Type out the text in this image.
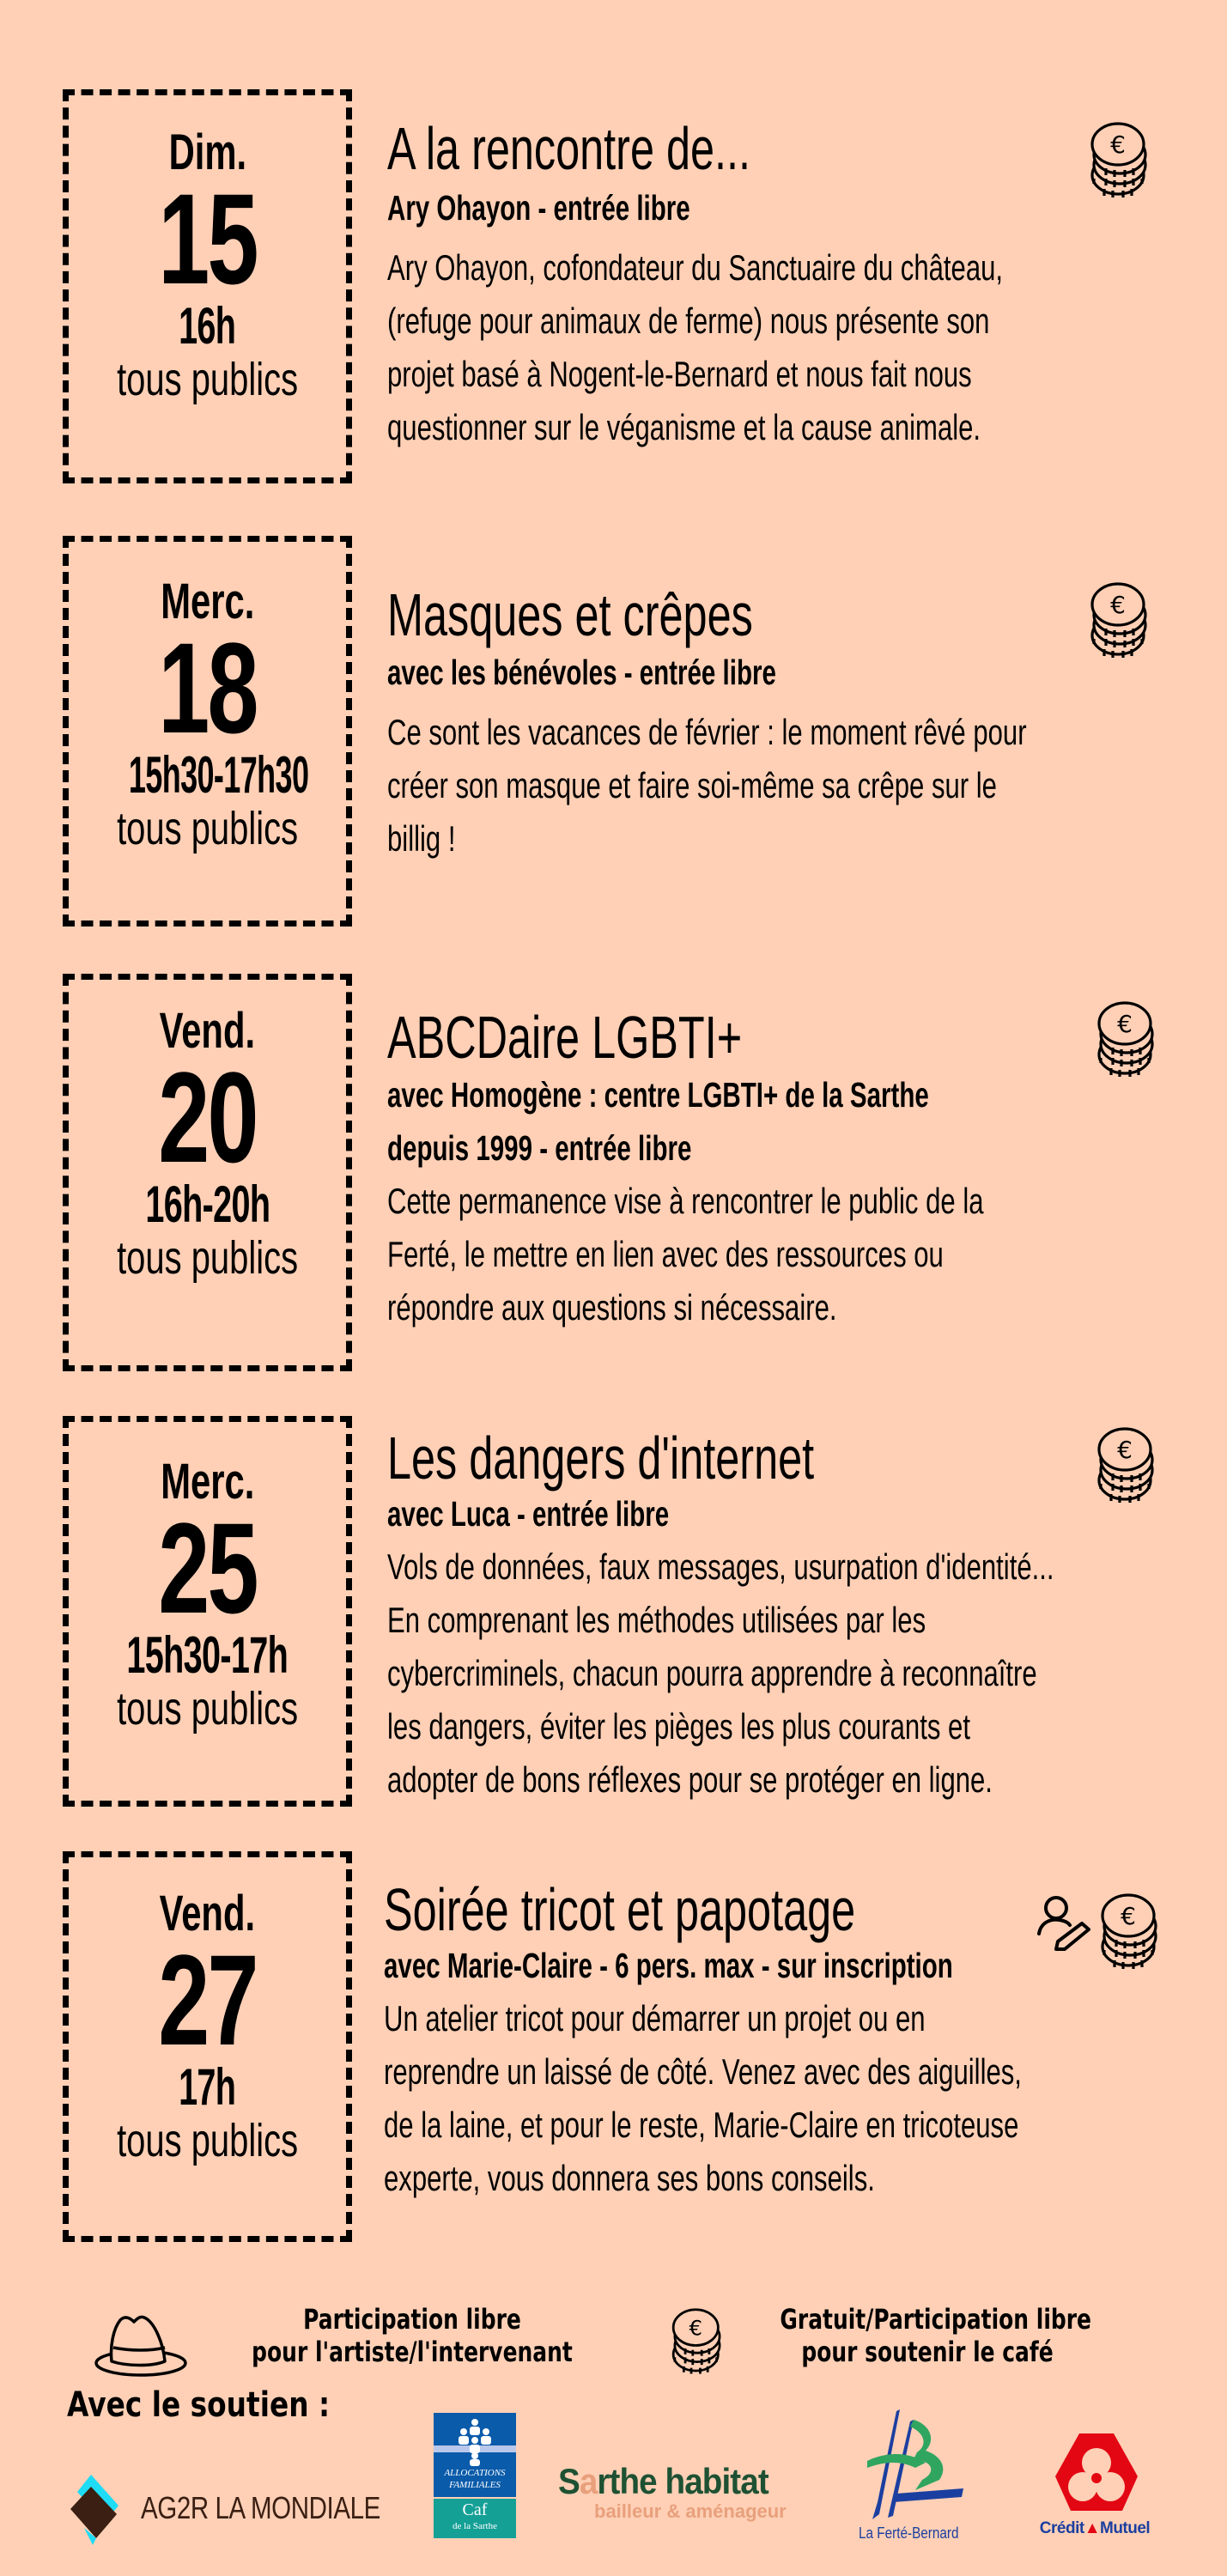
Dim.
15
16h
tous publics
A la rencontre de...
Ary Ohayon - entrée libre
Ary Ohayon, cofondateur du Sanctuaire du château,
(refuge pour animaux de ferme) nous présente son
projet basé à Nogent-le-Bernard et nous fait nous
questionner sur le véganisme et la cause animale.
Merc.
18
15h30-17h30
tous publics
Masques et crêpes
avec les bénévoles - entrée libre
Ce sont les vacances de février : le moment rêvé pour
créer son masque et faire soi-même sa crêpe sur le
billig !
Vend.
20
16h-20h
tous publics
ABCDaire LGBTI+
avec Homogène : centre LGBTI+ de la Sarthe
depuis 1999 - entrée libre
Cette permanence vise à rencontrer le public de la
Ferté, le mettre en lien avec des ressources ou
répondre aux questions si nécessaire.
Merc.
25
15h30-17h
tous publics
Les dangers d'internet
avec Luca - entrée libre
Vols de données, faux messages, usurpation d'identité...
En comprenant les méthodes utilisées par les
cybercriminels, chacun pourra apprendre à reconnaître
les dangers, éviter les pièges les plus courants et
adopter de bons réflexes pour se protéger en ligne.
Vend.
27
17h
tous publics
Soirée tricot et papotage
avec Marie-Claire - 6 pers. max - sur inscription
Un atelier tricot pour démarrer un projet ou en
reprendre un laissé de côté. Venez avec des aiguilles,
de la laine, et pour le reste, Marie-Claire en tricoteuse
experte, vous donnera ses bons conseils.
Participation libre
pour l'artiste/l'intervenant
Gratuit/Participation libre
pour soutenir le café
Avec le soutien :
AG2R LA MONDIALE
ALLOCATIONS
FAMILIALES
Caf
de la Sarthe
Sarthe habitat
bailleur & aménageur
La Ferté-Bernard	Crédit▲Mutuel
